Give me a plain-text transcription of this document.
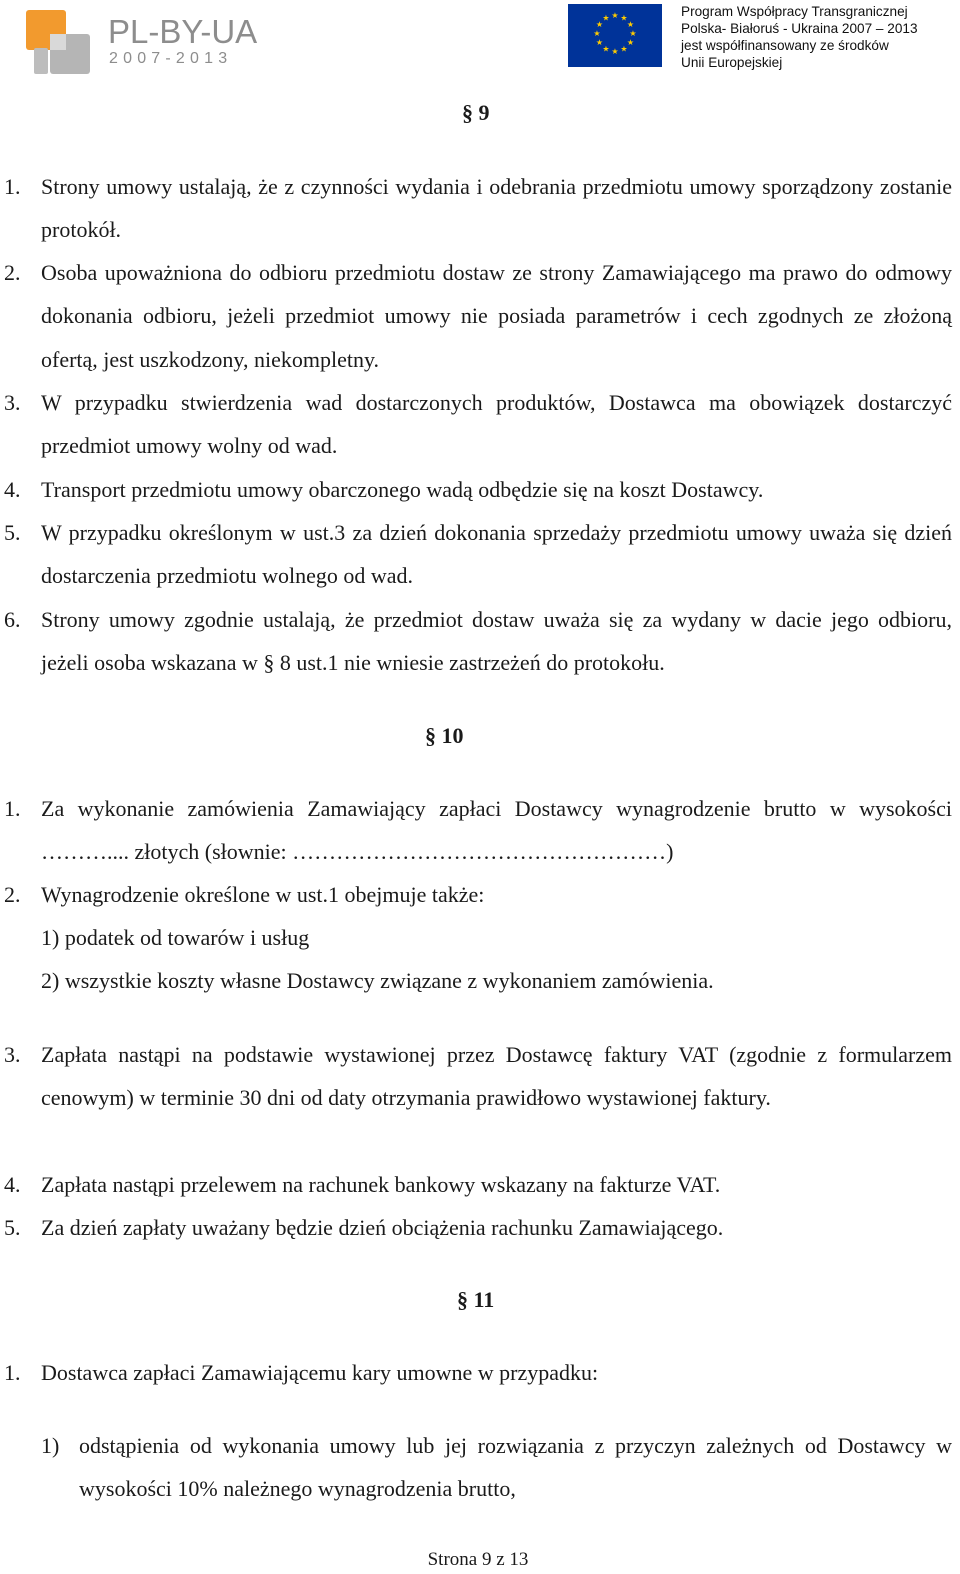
PL-BY-UA
2007-2013
★ ★
★
★
★
★
★
★
★
★
★
★	Program Współpracy Transgranicznej
Polska- Białoruś - Ukraina 2007 – 2013
jest współfinansowany ze środków
Unii Europejskiej
§ 9
1. Strony umowy ustalają, że z czynności wydania i odebrania przedmiotu umowy sporządzony zostanie protokół.
2. Osoba upoważniona do odbioru przedmiotu dostaw ze strony Zamawiającego ma prawo do odmowy dokonania odbioru, jeżeli przedmiot umowy nie posiada parametrów i cech zgodnych ze złożoną ofertą, jest uszkodzony, niekompletny.
3. W przypadku stwierdzenia wad dostarczonych produktów, Dostawca ma obowiązek dostarczyć przedmiot umowy wolny od wad.
4. Transport przedmiotu umowy obarczonego wadą odbędzie się na koszt Dostawcy.
5. W przypadku określonym w ust.3 za dzień dokonania sprzedaży przedmiotu umowy uważa się dzień dostarczenia przedmiotu wolnego od wad.
6. Strony umowy zgodnie ustalają, że przedmiot dostaw uważa się za wydany w dacie jego odbioru, jeżeli osoba wskazana w § 8 ust.1 nie wniesie zastrzeżeń do protokołu.
§ 10
1. Za wykonanie zamówienia Zamawiający zapłaci Dostawcy wynagrodzenie brutto w wysokości ……….... złotych (słownie: ……………………………………………)
2. Wynagrodzenie określone w ust.1 obejmuje także:
1) podatek od towarów i usług
2) wszystkie koszty własne Dostawcy związane z wykonaniem zamówienia.
3. Zapłata nastąpi na podstawie wystawionej przez Dostawcę faktury VAT (zgodnie z formularzem cenowym) w terminie 30 dni od daty otrzymania prawidłowo wystawionej faktury.
4. Zapłata nastąpi przelewem na rachunek bankowy wskazany na fakturze VAT.
5. Za dzień zapłaty uważany będzie dzień obciążenia rachunku Zamawiającego.
§ 11
1. Dostawca zapłaci Zamawiającemu kary umowne w przypadku:
1) odstąpienia od wykonania umowy lub jej rozwiązania z przyczyn zależnych od Dostawcy w wysokości 10% należnego wynagrodzenia brutto,
Strona 9 z 13
